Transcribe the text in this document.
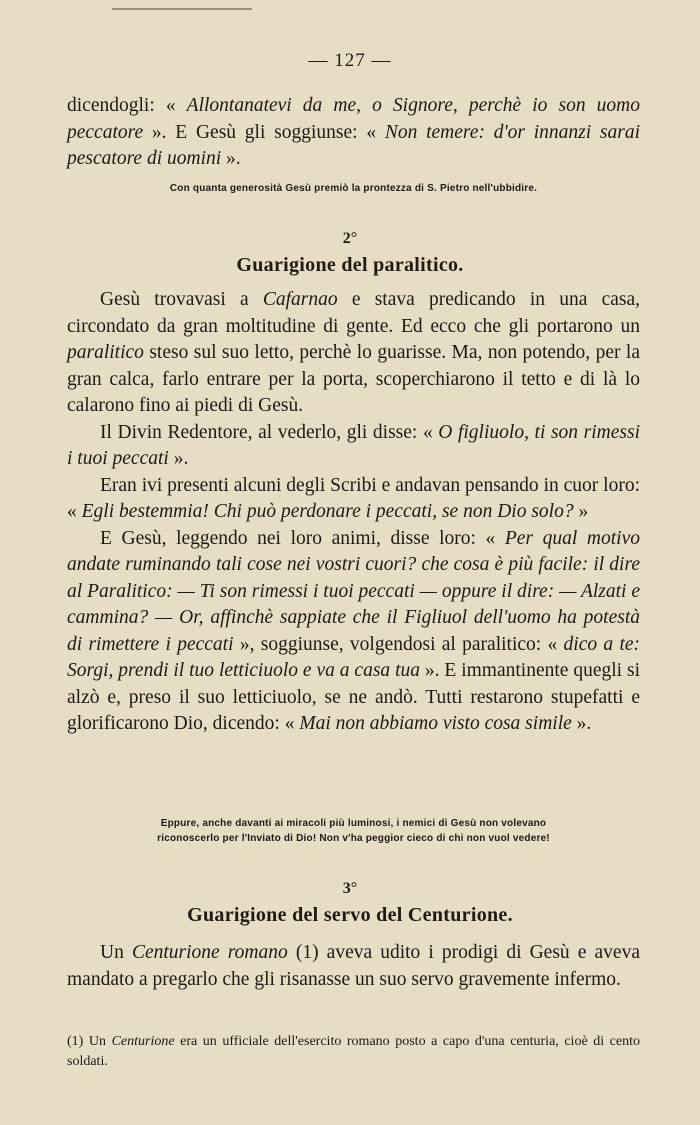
— 127 —

dicendogli: « Allontanatevi da me, o Signore, perchè io son uomo peccatore ». E Gesù gli soggiunse: « Non temere: d'or innanzi sarai pescatore di uomini ».

Con quanta generosità Gesù premiò la prontezza di S. Pietro nell'ubbidire.
2°
Guarigione del paralitico.

Gesù trovavasi a Cafarnao e stava predicando in una casa, circondato da gran moltitudine di gente. Ed ecco che gli portarono un paralitico steso sul suo letto, perchè lo guarisse. Ma, non potendo, per la gran calca, farlo entrare per la porta, scoperchiarono il tetto e di là lo calarono fino ai piedi di Gesù.

Il Divin Redentore, al vederlo, gli disse: « O figliuolo, ti son rimessi i tuoi peccati ».

Eran ivi presenti alcuni degli Scribi e andavan pensando in cuor loro: « Egli bestemmia! Chi può perdonare i peccati, se non Dio solo? »

E Gesù, leggendo nei loro animi, disse loro: « Per qual motivo andate ruminando tali cose nei vostri cuori? che cosa è più facile: il dire al Paralitico: — Ti son rimessi i tuoi peccati — oppure il dire: — Alzati e cammina? — Or, affinchè sappiate che il Figliuol dell'uomo ha potestà di rimettere i peccati », soggiunse, volgendosi al paralitico: « dico a te: Sorgi, prendi il tuo letticiuolo e va a casa tua ». E immantinente quegli si alzò e, preso il suo letticiuolo, se ne andò. Tutti restarono stupefatti e glorificarono Dio, dicendo: « Mai non abbiamo visto cosa simile ».

Eppure, anche davanti ai miracoli più luminosi, i nemici di Gesù non volevano
riconoscerlo per l'Inviato di Dio! Non v'ha peggior cieco di chi non vuol vedere!
3°
Guarigione del servo del Centurione.

Un Centurione romano (1) aveva udito i prodigi di Gesù e aveva mandato a pregarlo che gli risanasse un suo servo gravemente infermo.

(1) Un Centurione era un ufficiale dell'esercito romano posto a capo d'una centuria, cioè di cento soldati.
